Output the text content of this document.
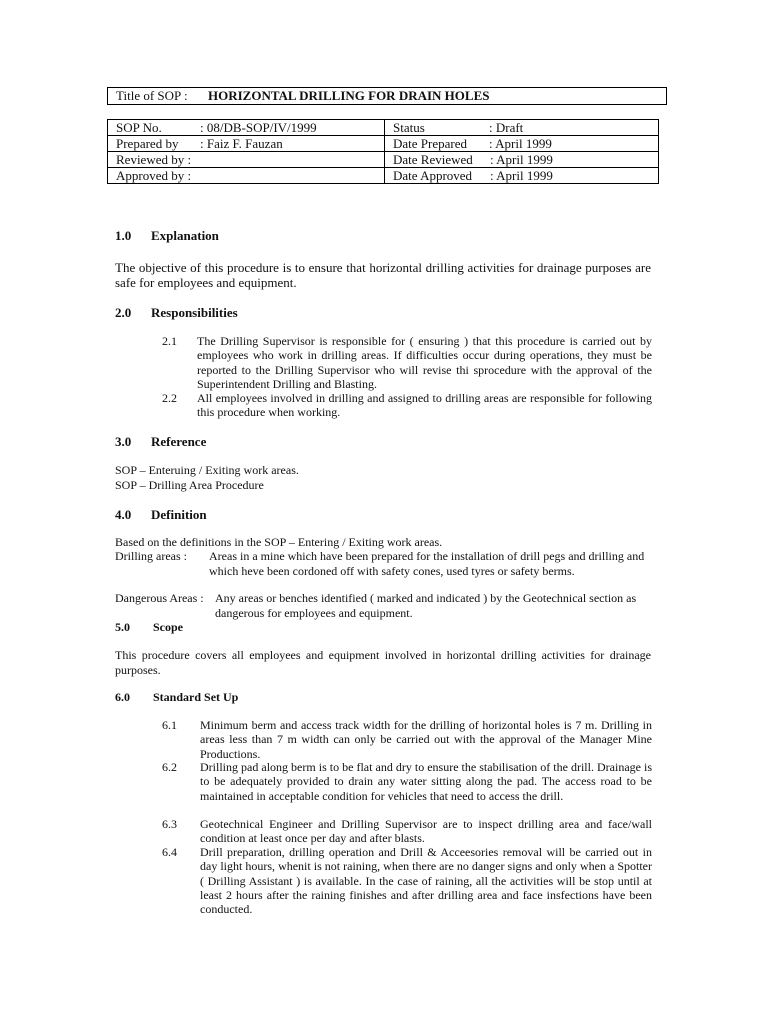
Title of SOP : HORIZONTAL DRILLING FOR DRAIN HOLES
SOP No. : 08/DB-SOP/IV/1999	Status : Draft
Prepared by : Faiz F. Fauzan	Date Prepared : April 1999
Reviewed by :	Date Reviewed : April 1999
Approved by :	Date Approved : April 1999
1.0 Explanation
The objective of this procedure is to ensure that horizontal drilling activities for drainage purposes are safe for employees and equipment.
2.0 Responsibilities
2.1 The Drilling Supervisor is responsible for ( ensuring ) that this procedure is carried out by employees who work in drilling areas. If difficulties occur during operations, they must be reported to the Drilling Supervisor who will revise thi sprocedure with the approval of the Superintendent Drilling and Blasting.
2.2 All employees involved in drilling and assigned to drilling areas are responsible for following this procedure when working.
3.0 Reference
SOP – Enteruing / Exiting work areas.
SOP – Drilling Area Procedure
4.0 Definition
Based on the definitions in the SOP – Entering / Exiting work areas.
Drilling areas : Areas in a mine which have been prepared for the installation of drill pegs and drilling and which heve been cordoned off with safety cones, used tyres or safety berms.
Dangerous Areas : Any areas or benches identified ( marked and indicated ) by the Geotechnical section as dangerous for employees and equipment.
5.0 Scope
This procedure covers all employees and equipment involved in horizontal drilling activities for drainage purposes.
6.0 Standard Set Up
6.1 Minimum berm and access track width for the drilling of horizontal holes is 7 m. Drilling in areas less than 7 m width can only be carried out with the approval of the Manager Mine Productions.
6.2 Drilling pad along berm is to be flat and dry to ensure the stabilisation of the drill. Drainage is to be adequately provided to drain any water sitting along the pad. The access road to be maintained in acceptable condition for vehicles that need to access the drill.
6.3 Geotechnical Engineer and Drilling Supervisor are to inspect drilling area and face/wall condition at least once per day and after blasts.
6.4 Drill preparation, drilling operation and Drill & Acceesories removal will be carried out in day light hours, whenit is not raining, when there are no danger signs and only when a Spotter ( Drilling Assistant ) is available. In the case of raining, all the activities will be stop until at least 2 hours after the raining finishes and after drilling area and face insfections have been conducted.
